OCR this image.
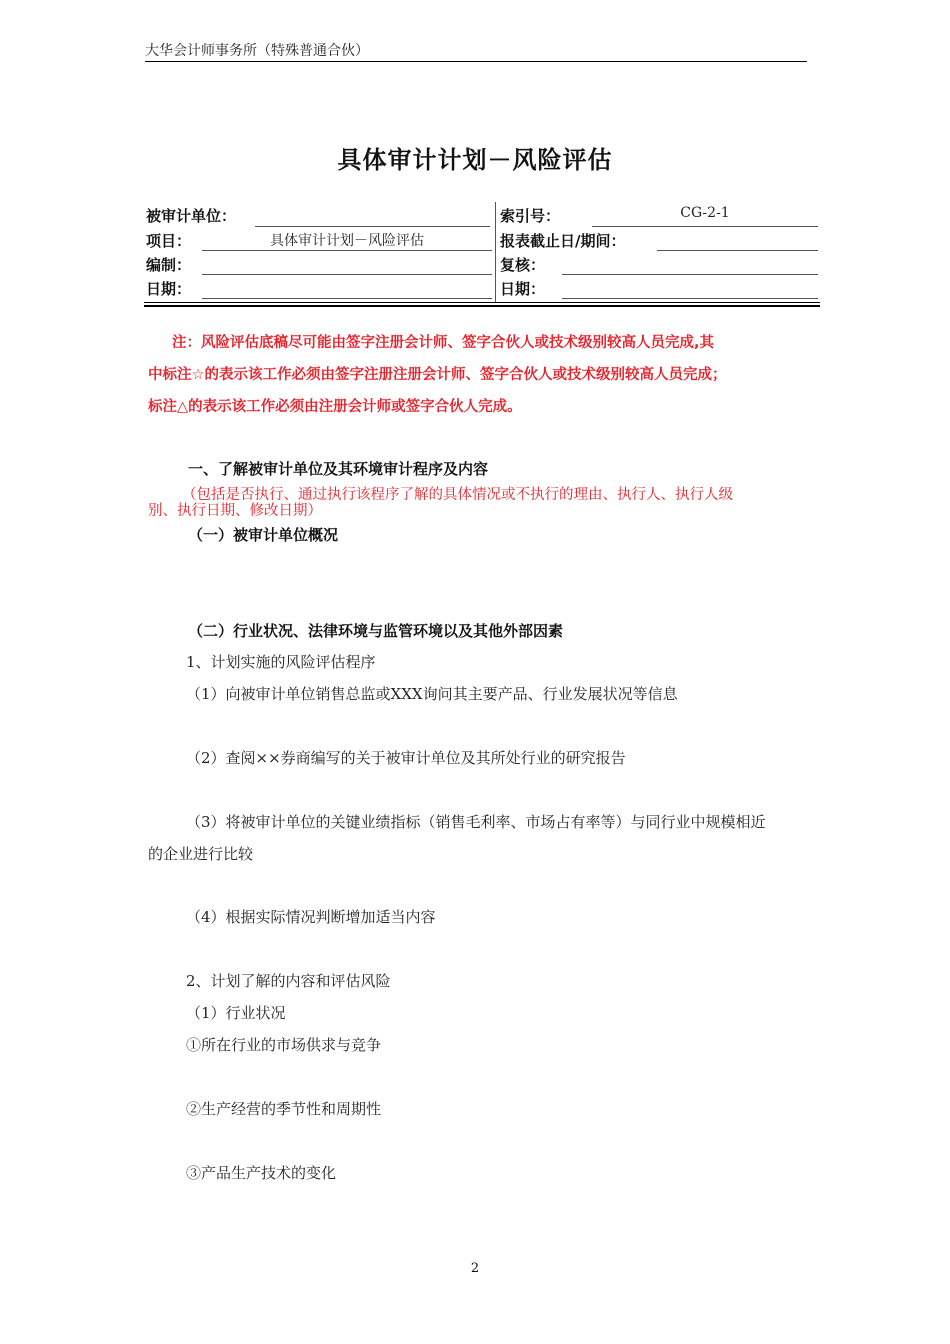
大华会计师事务所（特殊普通合伙）
具体审计计划－风险评估
被审计单位：	索引号：	CG-2-1
项目：	具体审计计划－风险评估	报表截止日/期间：
编制：	复核：
日期：	日期：
注：风险评估底稿尽可能由签字注册会计师、签字合伙人或技术级别较高人员完成,其
中标注☆的表示该工作必须由签字注册注册会计师、签字合伙人或技术级别较高人员完成；
标注△的表示该工作必须由注册会计师或签字合伙人完成。
一、了解被审计单位及其环境审计程序及内容
（包括是否执行、通过执行该程序了解的具体情况或不执行的理由、执行人、执行人级
别、执行日期、修改日期）
（一）被审计单位概况
（二）行业状况、法律环境与监管环境以及其他外部因素
1、计划实施的风险评估程序
（1）向被审计单位销售总监或XXX询问其主要产品、行业发展状况等信息
（2）查阅××券商编写的关于被审计单位及其所处行业的研究报告
（3）将被审计单位的关键业绩指标（销售毛利率、市场占有率等）与同行业中规模相近
的企业进行比较
（4）根据实际情况判断增加适当内容
2、计划了解的内容和评估风险
（1）行业状况
①所在行业的市场供求与竞争
②生产经营的季节性和周期性
③产品生产技术的变化
2
